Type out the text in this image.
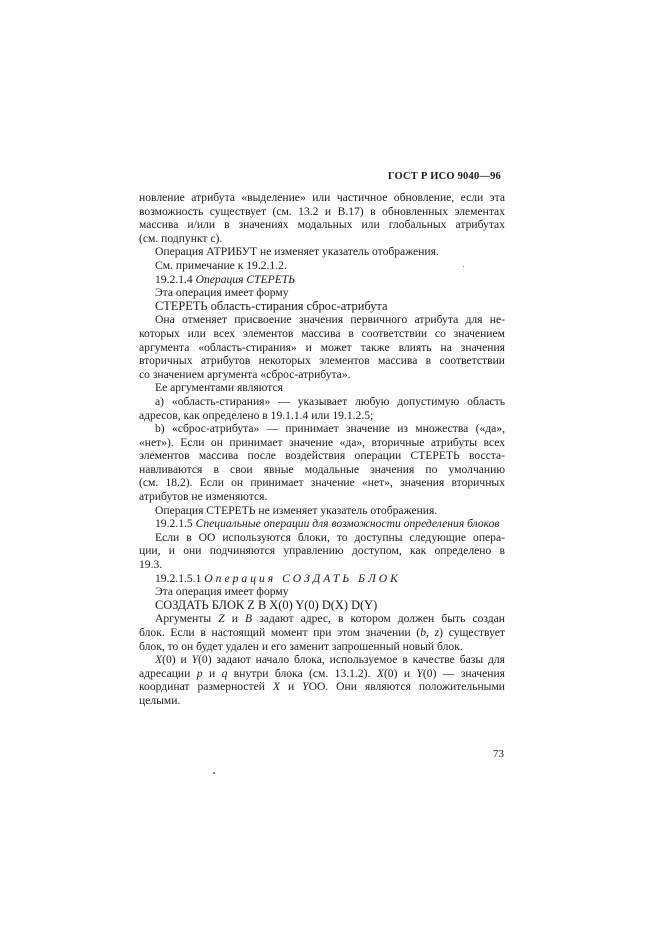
ГОСТ Р ИСО 9040—96

новление атрибута «выделение» или частичное обновление, если эта

возможность существует (см. 13.2 и В.17) в обновленных элементах

массива и/или в значениях модальных или глобальных атрибутах

(см. подпункт с).

Операция АТРИБУТ не изменяет указатель отображения.

См. примечание к 19.2.1.2.

19.2.1.4 Операция СТЕРЕТЬ

Эта операция имеет форму

СТЕРЕТЬ область-стирания сброс-атрибута

Она отменяет присвоение значения первичного атрибута для не-

которых или всех элементов массива в соответствии со значением

аргумента «область-стирания» и может также влиять на значения

вторичных атрибутов некоторых элементов массива в соответствии

со значением аргумента «сброс-атрибута».

Ее аргументами являются

а) «область-стирания» — указывает любую допустимую область

адресов, как определено в 19.1.1.4 или 19.1.2.5;

b) «сброс-атрибута» — принимает значение из множества («да»,

«нет»). Если он принимает значение «да», вторичные атрибуты всех

элементов массива после воздействия операции СТЕРЕТЬ восста-

навливаются в свои явные модальные значения по умолчанию

(см. 18.2). Если он принимает значение «нет», значения вторичных

атрибутов не изменяются.

Операция СТЕРЕТЬ не изменяет указатель отображения.

19.2.1.5 Специальные операции для возможности определения блоков

Если в ОО используются блоки, то доступны следующие опера-

ции, и они подчиняются управлению доступом, как определено в

19.3.

19.2.1.5.1 Операция СОЗДАТЬ БЛОК

Эта операция имеет форму

СОЗДАТЬ БЛОК Z В X(0) Y(0) D(X) D(Y)

Аргументы Z и В задают адрес, в котором должен быть создан

блок. Если в настоящий момент при этом значении (b, z) существует

блок, то он будет удален и его заменит запрошенный новый блок.

X(0) и Y(0) задают начало блока, используемое в качестве базы для

адресации p и q внутри блока (см. 13.1.2). X(0) и Y(0) — значения

координат размерностей X и YОО. Они являются положительными

целыми.

73
